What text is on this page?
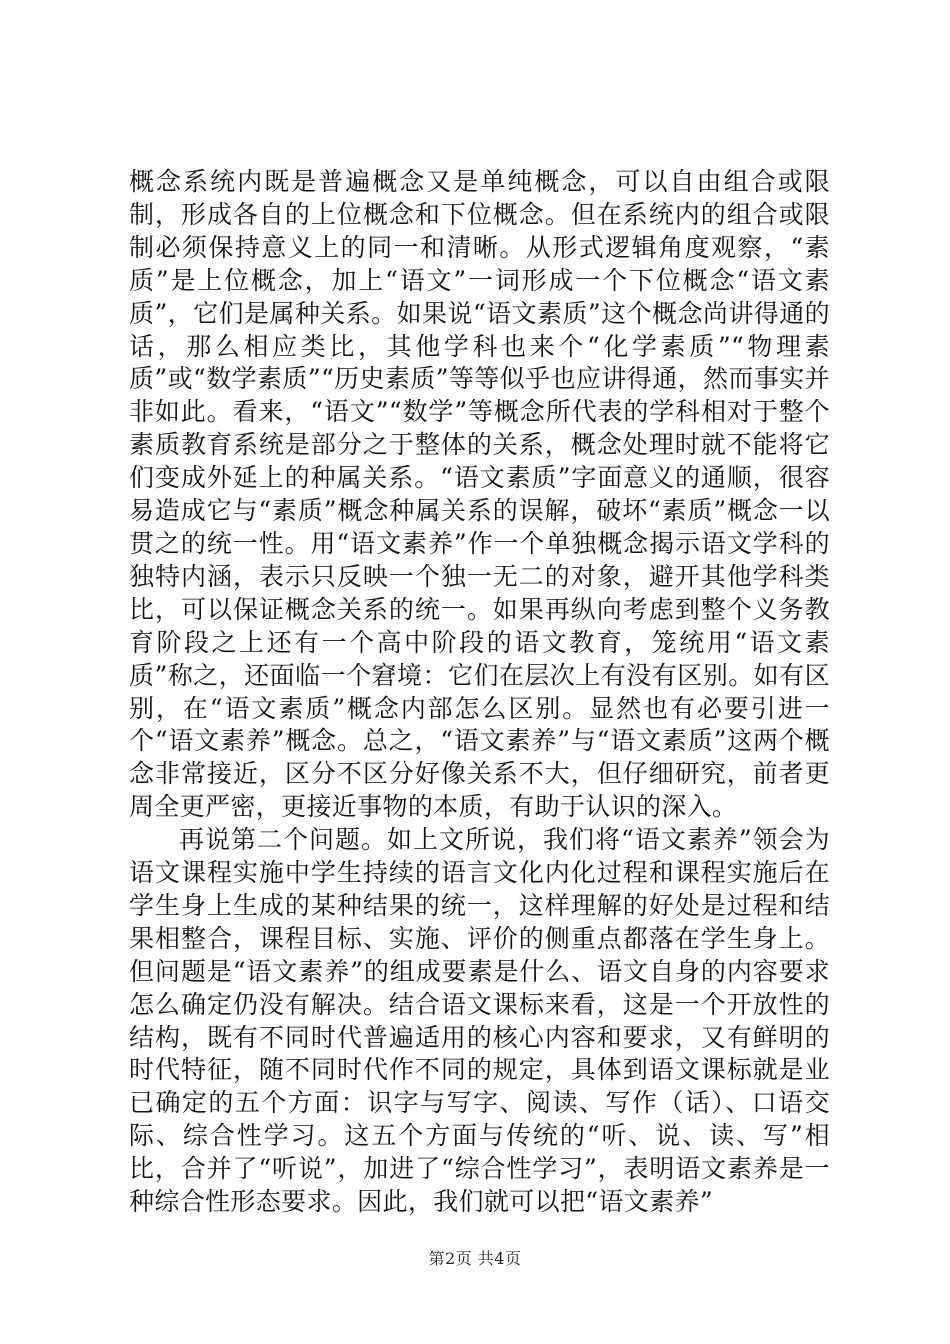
概念系统内既是普遍概念又是单纯概念，可以自由组合或限制，形成各自的上位概念和下位概念。但在系统内的组合或限制必须保持意义上的同一和清晰。从形式逻辑角度观察，“素质”是上位概念，加上“语文”一词形成一个下位概念“语文素质”，它们是属种关系。如果说“语文素质”这个概念尚讲得通的话，那么相应类比，其他学科也来个“化学素质”“物理素质”或“数学素质”“历史素质”等等似乎也应讲得通，然而事实并非如此。看来，“语文”“数学”等概念所代表的学科相对于整个素质教育系统是部分之于整体的关系，概念处理时就不能将它们变成外延上的种属关系。“语文素质”字面意义的通顺，很容易造成它与“素质”概念种属关系的误解，破坏“素质”概念一以贯之的统一性。用“语文素养”作一个单独概念揭示语文学科的独特内涵，表示只反映一个独一无二的对象，避开其他学科类比，可以保证概念关系的统一。如果再纵向考虑到整个义务教育阶段之上还有一个高中阶段的语文教育，笼统用“语文素质”称之，还面临一个窘境：它们在层次上有没有区别。如有区别，在“语文素质”概念内部怎么区别。显然也有必要引进一个“语文素养”概念。总之，“语文素养”与“语文素质”这两个概念非常接近，区分不区分好像关系不大，但仔细研究，前者更周全更严密，更接近事物的本质，有助于认识的深入。

再说第二个问题。如上文所说，我们将“语文素养”领会为语文课程实施中学生持续的语言文化内化过程和课程实施后在学生身上生成的某种结果的统一，这样理解的好处是过程和结果相整合，课程目标、实施、评价的侧重点都落在学生身上。但问题是“语文素养”的组成要素是什么、语文自身的内容要求怎么确定仍没有解决。结合语文课标来看，这是一个开放性的结构，既有不同时代普遍适用的核心内容和要求，又有鲜明的时代特征，随不同时代作不同的规定，具体到语文课标就是业已确定的五个方面：识字与写字、阅读、写作（话）、口语交际、综合性学习。这五个方面与传统的“听、说、读、写”相比，合并了“听说”，加进了“综合性学习”，表明语文素养是一种综合性形态要求。因此，我们就可以把“语文素养”

第2页 共4页
